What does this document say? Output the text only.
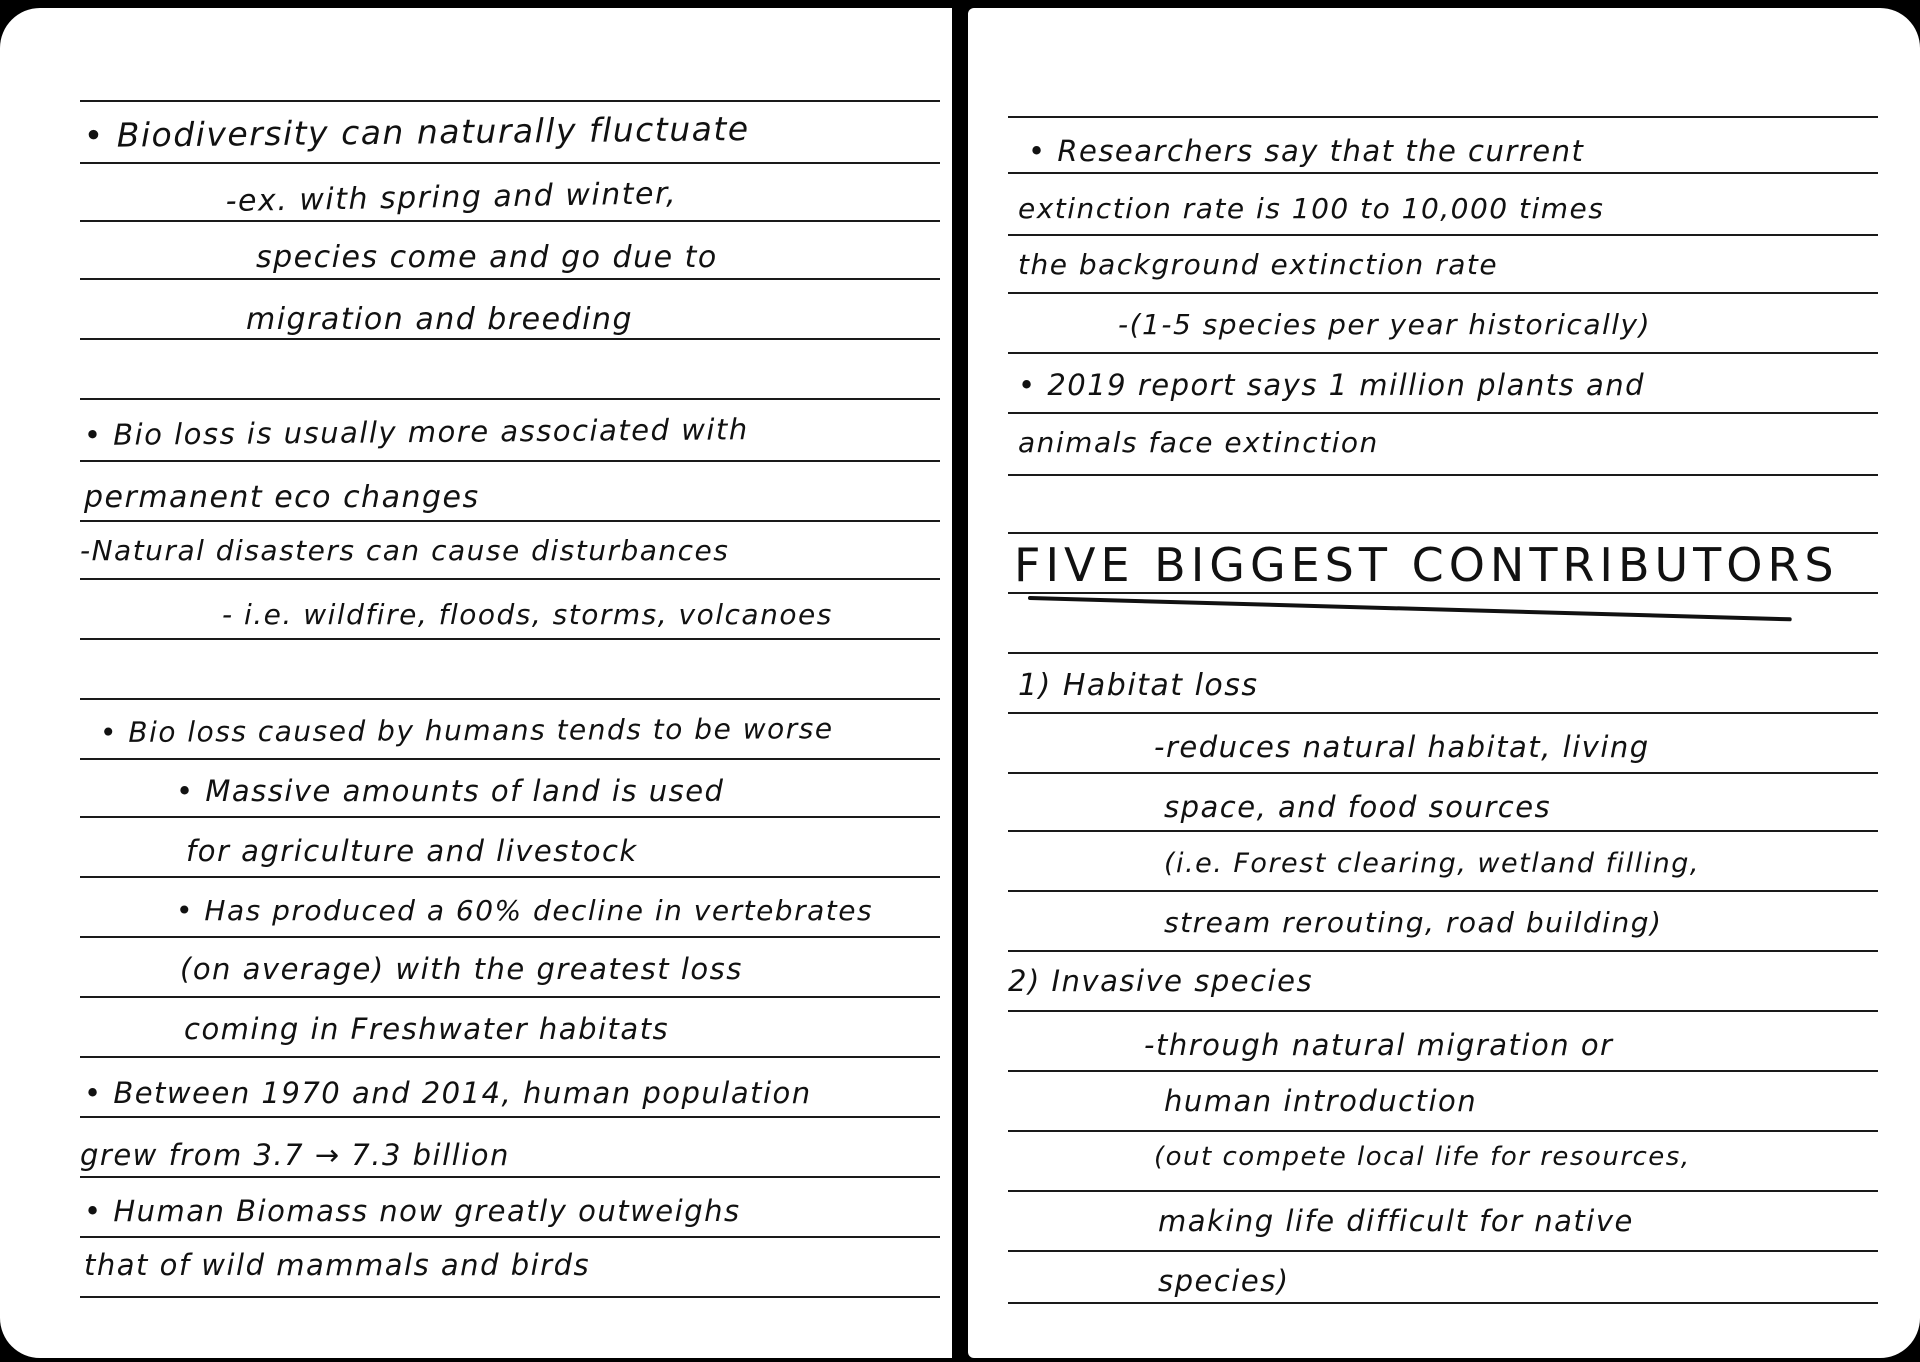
• Biodiversity can naturally fluctuate
-ex. with spring and winter,
species come and go due to
migration and breeding
• Bio loss is usually more associated with
permanent eco changes
-Natural disasters can cause disturbances
- i.e. wildfire, floods, storms, volcanoes
• Bio loss caused by humans tends to be worse
• Massive amounts of land is used
for agriculture and livestock
• Has produced a 60% decline in vertebrates
(on average) with the greatest loss
coming in Freshwater habitats
• Between 1970 and 2014, human population
grew from 3.7 → 7.3 billion
• Human Biomass now greatly outweighs
that of wild mammals and birds
• Researchers say that the current
extinction rate is 100 to 10,000 times
the background extinction rate
-(1-5 species per year historically)
• 2019 report says 1 million plants and
animals face extinction
FIVE BIGGEST CONTRIBUTORS
1) Habitat loss
-reduces natural habitat, living
space, and food sources
(i.e. Forest clearing, wetland filling,
stream rerouting, road building)
2) Invasive species
-through natural migration or
human introduction
(out compete local life for resources,
making life difficult for native
species)
